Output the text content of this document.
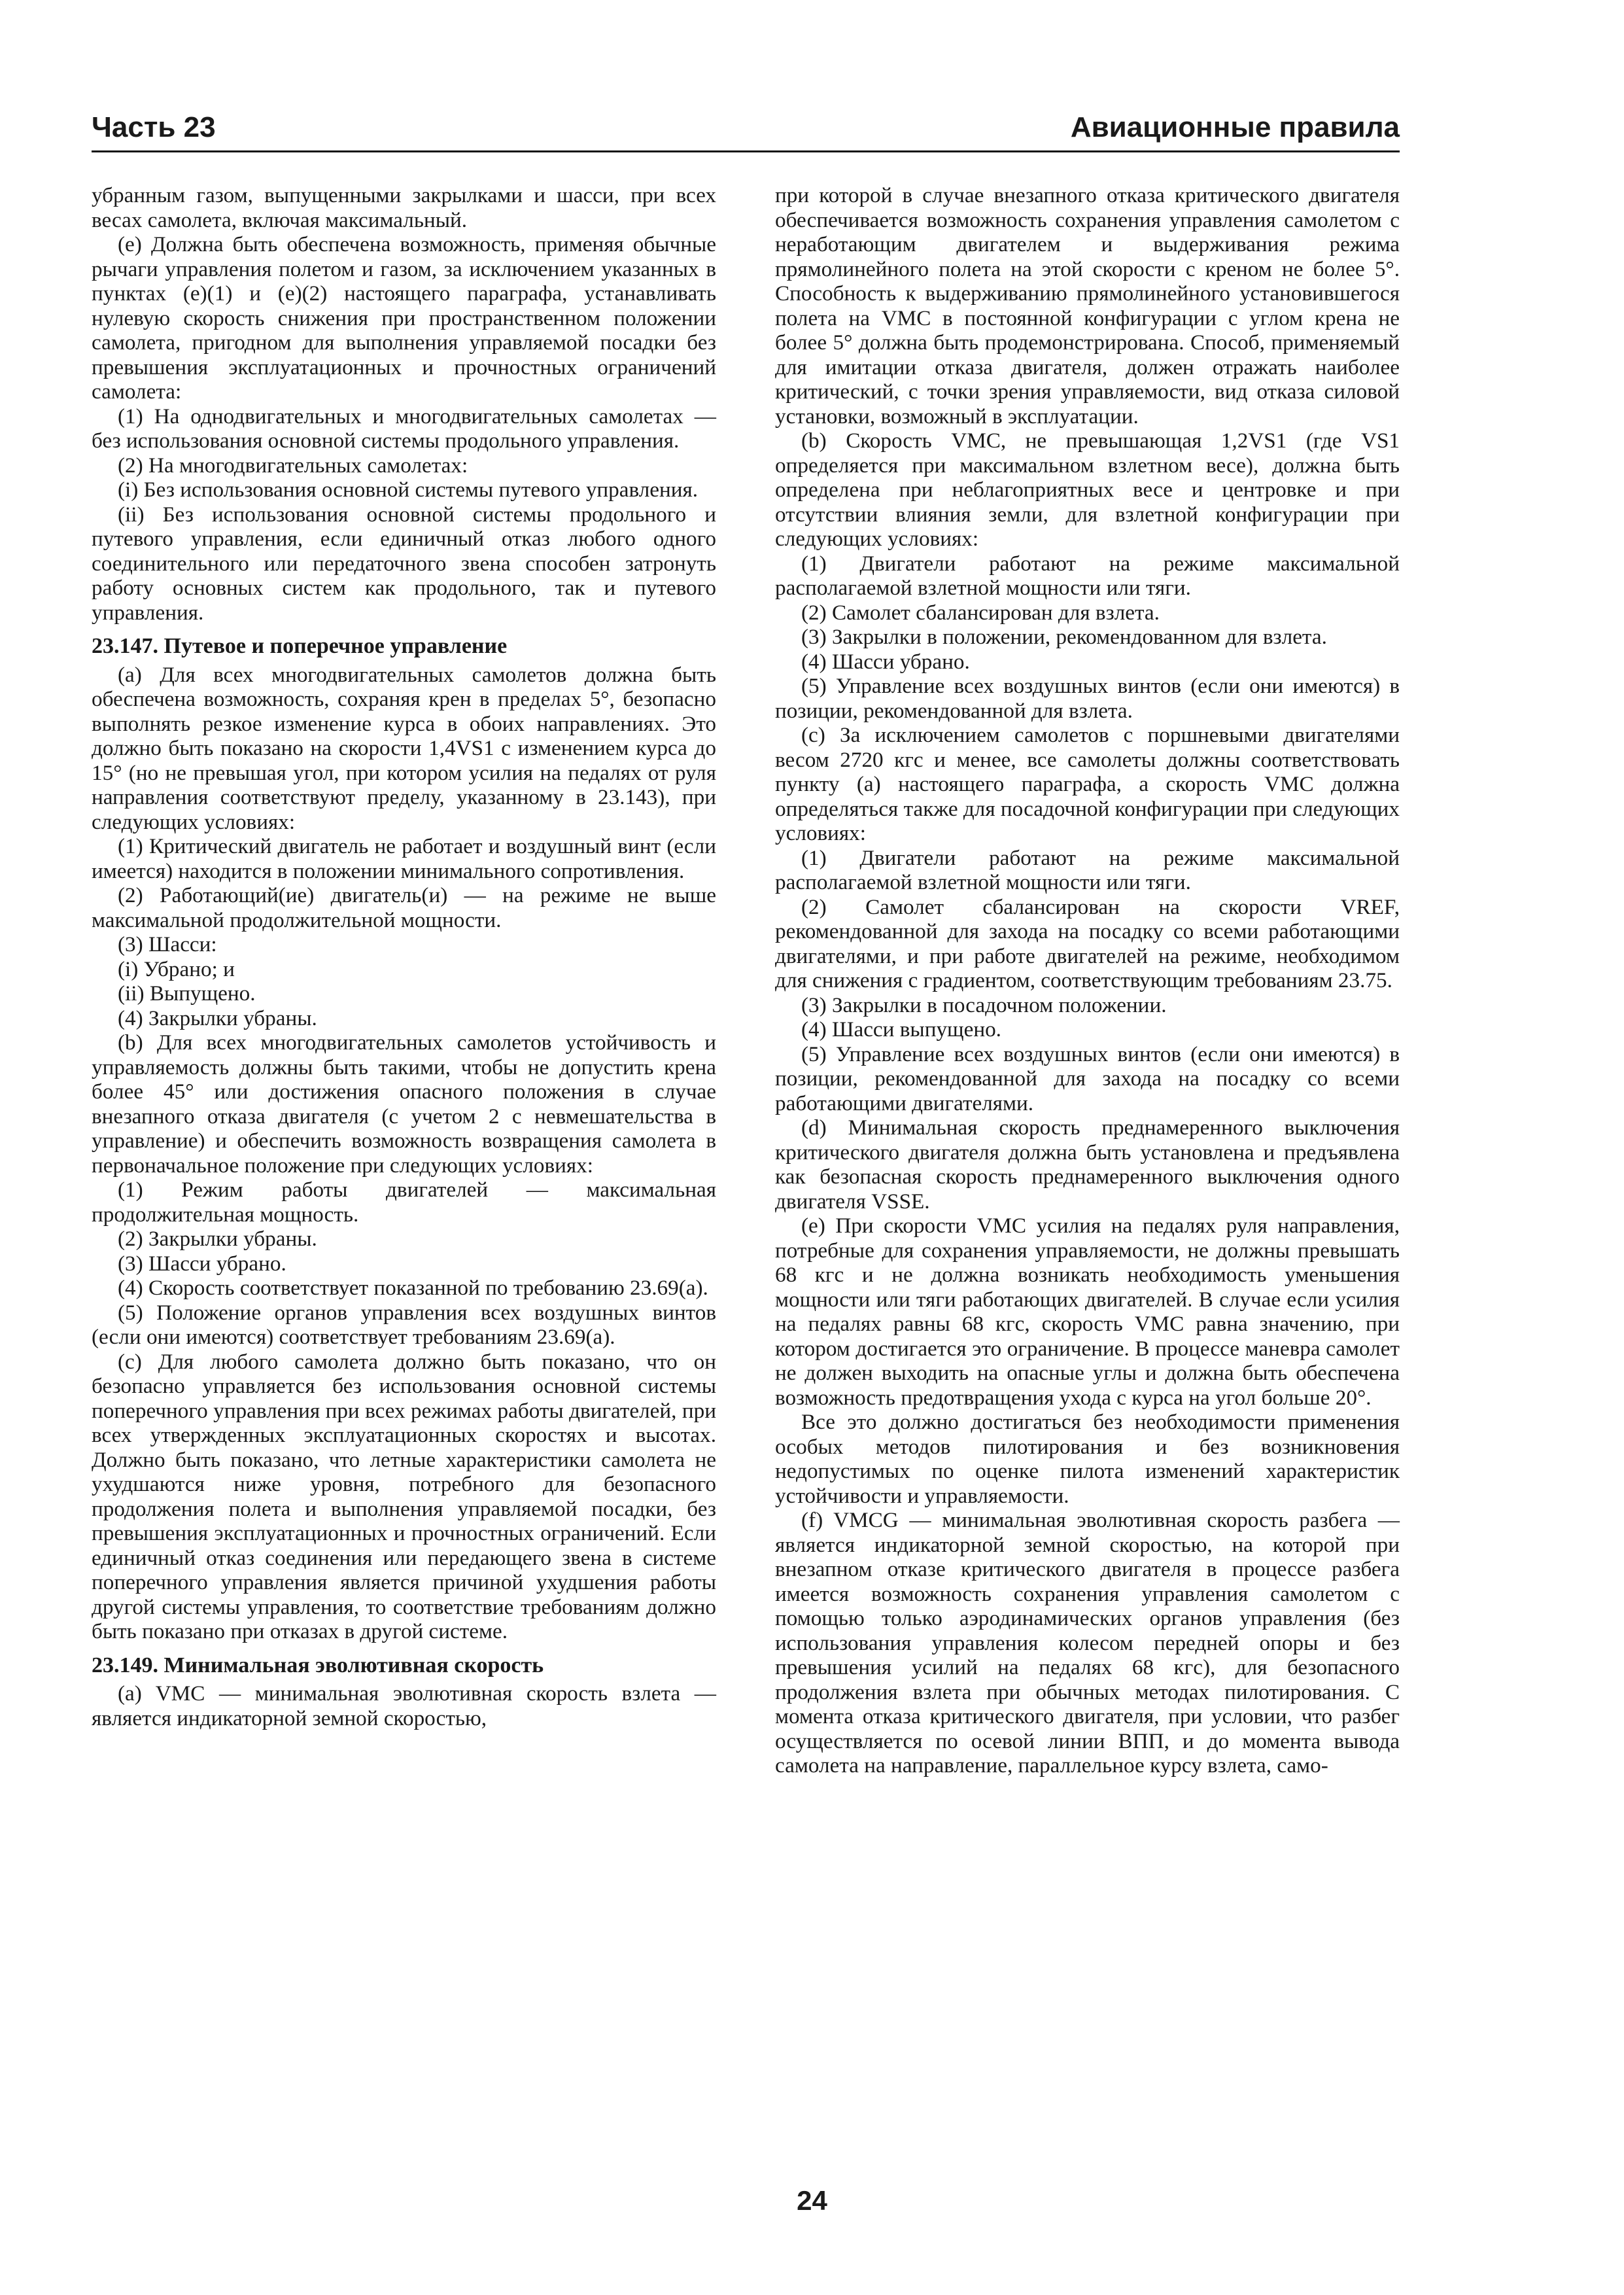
Часть 23	Авиационные правила

убранным газом, выпущенными закрылками и шасси, при всех весах самолета, включая максимальный.

(e) Должна быть обеспечена возможность, применяя обычные рычаги управления полетом и газом, за исключением указанных в пунктах (e)(1) и (e)(2) настоящего параграфа, устанавливать нулевую скорость снижения при пространственном положении самолета, пригодном для выполнения управляемой посадки без превышения эксплуатационных и прочностных ограничений самолета:

(1) На однодвигательных и многодвигательных самолетах — без использования основной системы продольного управления.

(2) На многодвигательных самолетах:

(i) Без использования основной системы путевого управления.

(ii) Без использования основной системы продольного и путевого управления, если единичный отказ любого одного соединительного или передаточного звена способен затронуть работу основных систем как продольного, так и путевого управления.

23.147. Путевое и поперечное управление

(a) Для всех многодвигательных самолетов должна быть обеспечена возможность, сохраняя крен в пределах 5°, безопасно выполнять резкое изменение курса в обоих направлениях. Это должно быть показано на скорости 1,4VS1 с изменением курса до 15° (но не превышая угол, при котором усилия на педалях от руля направления соответствуют пределу, указанному в 23.143), при следующих условиях:

(1) Критический двигатель не работает и воздушный винт (если имеется) находится в положении минимального сопротивления.

(2) Работающий(ие) двигатель(и) — на режиме не выше максимальной продолжительной мощности.

(3) Шасси:

(i) Убрано; и

(ii) Выпущено.

(4) Закрылки убраны.

(b) Для всех многодвигательных самолетов устойчивость и управляемость должны быть такими, чтобы не допустить крена более 45° или достижения опасного положения в случае внезапного отказа двигателя (с учетом 2 с невмешательства в управление) и обеспечить возможность возвращения самолета в первоначальное положение при следующих условиях:

(1) Режим работы двигателей — максимальная продолжительная мощность.

(2) Закрылки убраны.

(3) Шасси убрано.

(4) Скорость соответствует показанной по требованию 23.69(a).

(5) Положение органов управления всех воздушных винтов (если они имеются) соответствует требованиям 23.69(a).

(c) Для любого самолета должно быть показано, что он безопасно управляется без использования основной системы поперечного управления при всех режимах работы двигателей, при всех утвержденных эксплуатационных скоростях и высотах. Должно быть показано, что летные характеристики самолета не ухудшаются ниже уровня, потребного для безопасного продолжения полета и выполнения управляемой посадки, без превышения эксплуатационных и прочностных ограничений. Если единичный отказ соединения или передающего звена в системе поперечного управления является причиной ухудшения работы другой системы управления, то соответствие требованиям должно быть показано при отказах в другой системе.

23.149. Минимальная эволютивная скорость

(a) VMC — минимальная эволютивная скорость взлета — является индикаторной земной скоростью,

при которой в случае внезапного отказа критического двигателя обеспечивается возможность сохранения управления самолетом с неработающим двигателем и выдерживания режима прямолинейного полета на этой скорости с креном не более 5°. Способность к выдерживанию прямолинейного установившегося полета на VMC в постоянной конфигурации с углом крена не более 5° должна быть продемонстрирована. Способ, применяемый для имитации отказа двигателя, должен отражать наиболее критический, с точки зрения управляемости, вид отказа силовой установки, возможный в эксплуатации.

(b) Скорость VMC, не превышающая 1,2VS1 (где VS1 определяется при максимальном взлетном весе), должна быть определена при неблагоприятных весе и центровке и при отсутствии влияния земли, для взлетной конфигурации при следующих условиях:

(1) Двигатели работают на режиме максимальной располагаемой взлетной мощности или тяги.

(2) Самолет сбалансирован для взлета.

(3) Закрылки в положении, рекомендованном для взлета.

(4) Шасси убрано.

(5) Управление всех воздушных винтов (если они имеются) в позиции, рекомендованной для взлета.

(c) За исключением самолетов с поршневыми двигателями весом 2720 кгс и менее, все самолеты должны соответствовать пункту (a) настоящего параграфа, а скорость VMC должна определяться также для посадочной конфигурации при следующих условиях:

(1) Двигатели работают на режиме максимальной располагаемой взлетной мощности или тяги.

(2) Самолет сбалансирован на скорости VREF, рекомендованной для захода на посадку со всеми работающими двигателями, и при работе двигателей на режиме, необходимом для снижения с градиентом, соответствующим требованиям 23.75.

(3) Закрылки в посадочном положении.

(4) Шасси выпущено.

(5) Управление всех воздушных винтов (если они имеются) в позиции, рекомендованной для захода на посадку со всеми работающими двигателями.

(d) Минимальная скорость преднамеренного выключения критического двигателя должна быть установлена и предъявлена как безопасная скорость преднамеренного выключения одного двигателя VSSE.

(e) При скорости VMC усилия на педалях руля направления, потребные для сохранения управляемости, не должны превышать 68 кгс и не должна возникать необходимость уменьшения мощности или тяги работающих двигателей. В случае если усилия на педалях равны 68 кгс, скорость VMC равна значению, при котором достигается это ограничение. В процессе маневра самолет не должен выходить на опасные углы и должна быть обеспечена возможность предотвращения ухода с курса на угол больше 20°.

Все это должно достигаться без необходимости применения особых методов пилотирования и без возникновения недопустимых по оценке пилота изменений характеристик устойчивости и управляемости.

(f) VMCG — минимальная эволютивная скорость разбега — является индикаторной земной скоростью, на которой при внезапном отказе критического двигателя в процессе разбега имеется возможность сохранения управления самолетом с помощью только аэродинамических органов управления (без использования управления колесом передней опоры и без превышения усилий на педалях 68 кгс), для безопасного продолжения взлета при обычных методах пилотирования. С момента отказа критического двигателя, при условии, что разбег осуществляется по осевой линии ВПП, и до момента вывода самолета на направление, параллельное курсу взлета, само-

24
